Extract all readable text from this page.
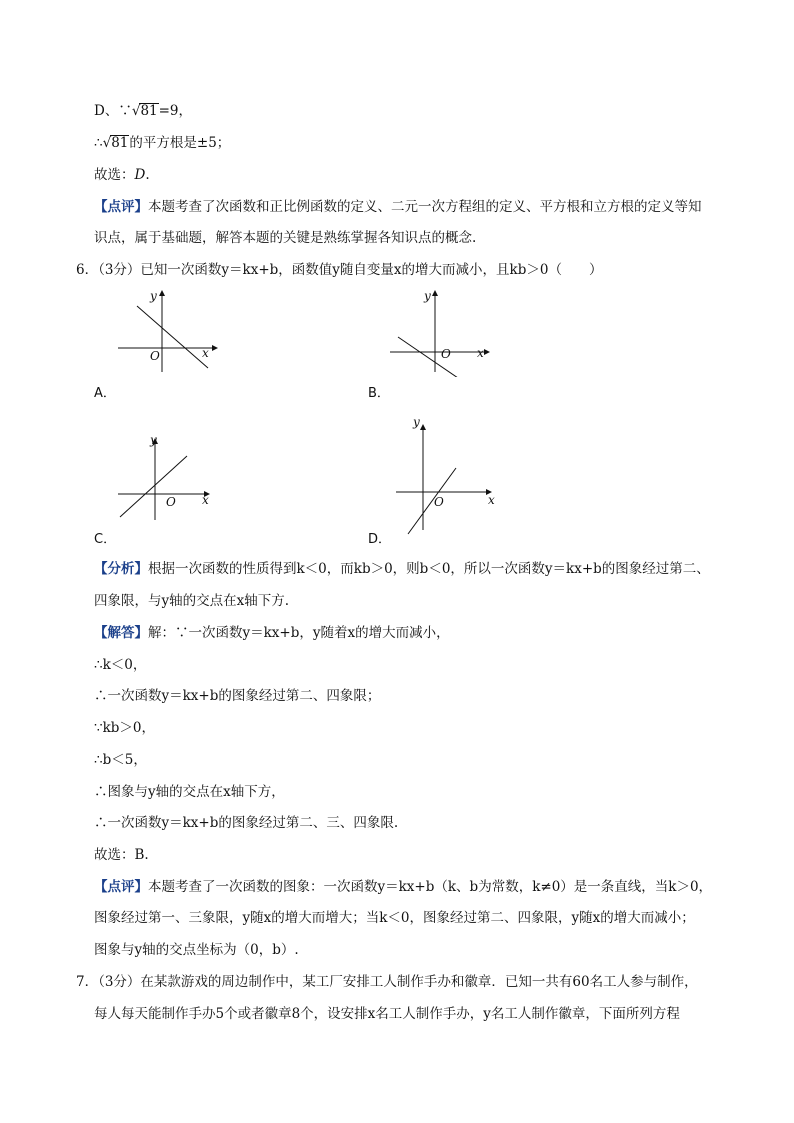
D、∵√81=9，
∴√81的平方根是±5；
故选：D.
【点评】本题考查了次函数和正比例函数的定义、二元一次方程组的定义、平方根和立方根的定义等知
识点，属于基础题，解答本题的关键是熟练掌握各知识点的概念.
6．（3分）已知一次函数y＝kx+b，函数值y随自变量x的增大而减小，且kb＞0（　　）
O	x
y
A．
O x
y
B．
O x
y
C．
O	x
y
D．
【分析】根据一次函数的性质得到k＜0，而kb＞0，则b＜0，所以一次函数y＝kx+b的图象经过第二、
四象限，与y轴的交点在x轴下方.
【解答】解：∵一次函数y＝kx+b，y随着x的增大而减小，
∴k＜0，
∴一次函数y＝kx+b的图象经过第二、四象限；
∵kb＞0，
∴b＜5，
∴图象与y轴的交点在x轴下方，
∴一次函数y＝kx+b的图象经过第二、三、四象限.
故选：B.
【点评】本题考查了一次函数的图象：一次函数y＝kx+b（k、b为常数，k≠0）是一条直线，当k＞0，
图象经过第一、三象限，y随x的增大而增大；当k＜0，图象经过第二、四象限，y随x的增大而减小；
图象与y轴的交点坐标为（0，b）.
7．（3分）在某款游戏的周边制作中，某工厂安排工人制作手办和徽章．已知一共有60名工人参与制作，
每人每天能制作手办5个或者徽章8个，设安排x名工人制作手办，y名工人制作徽章，下面所列方程
